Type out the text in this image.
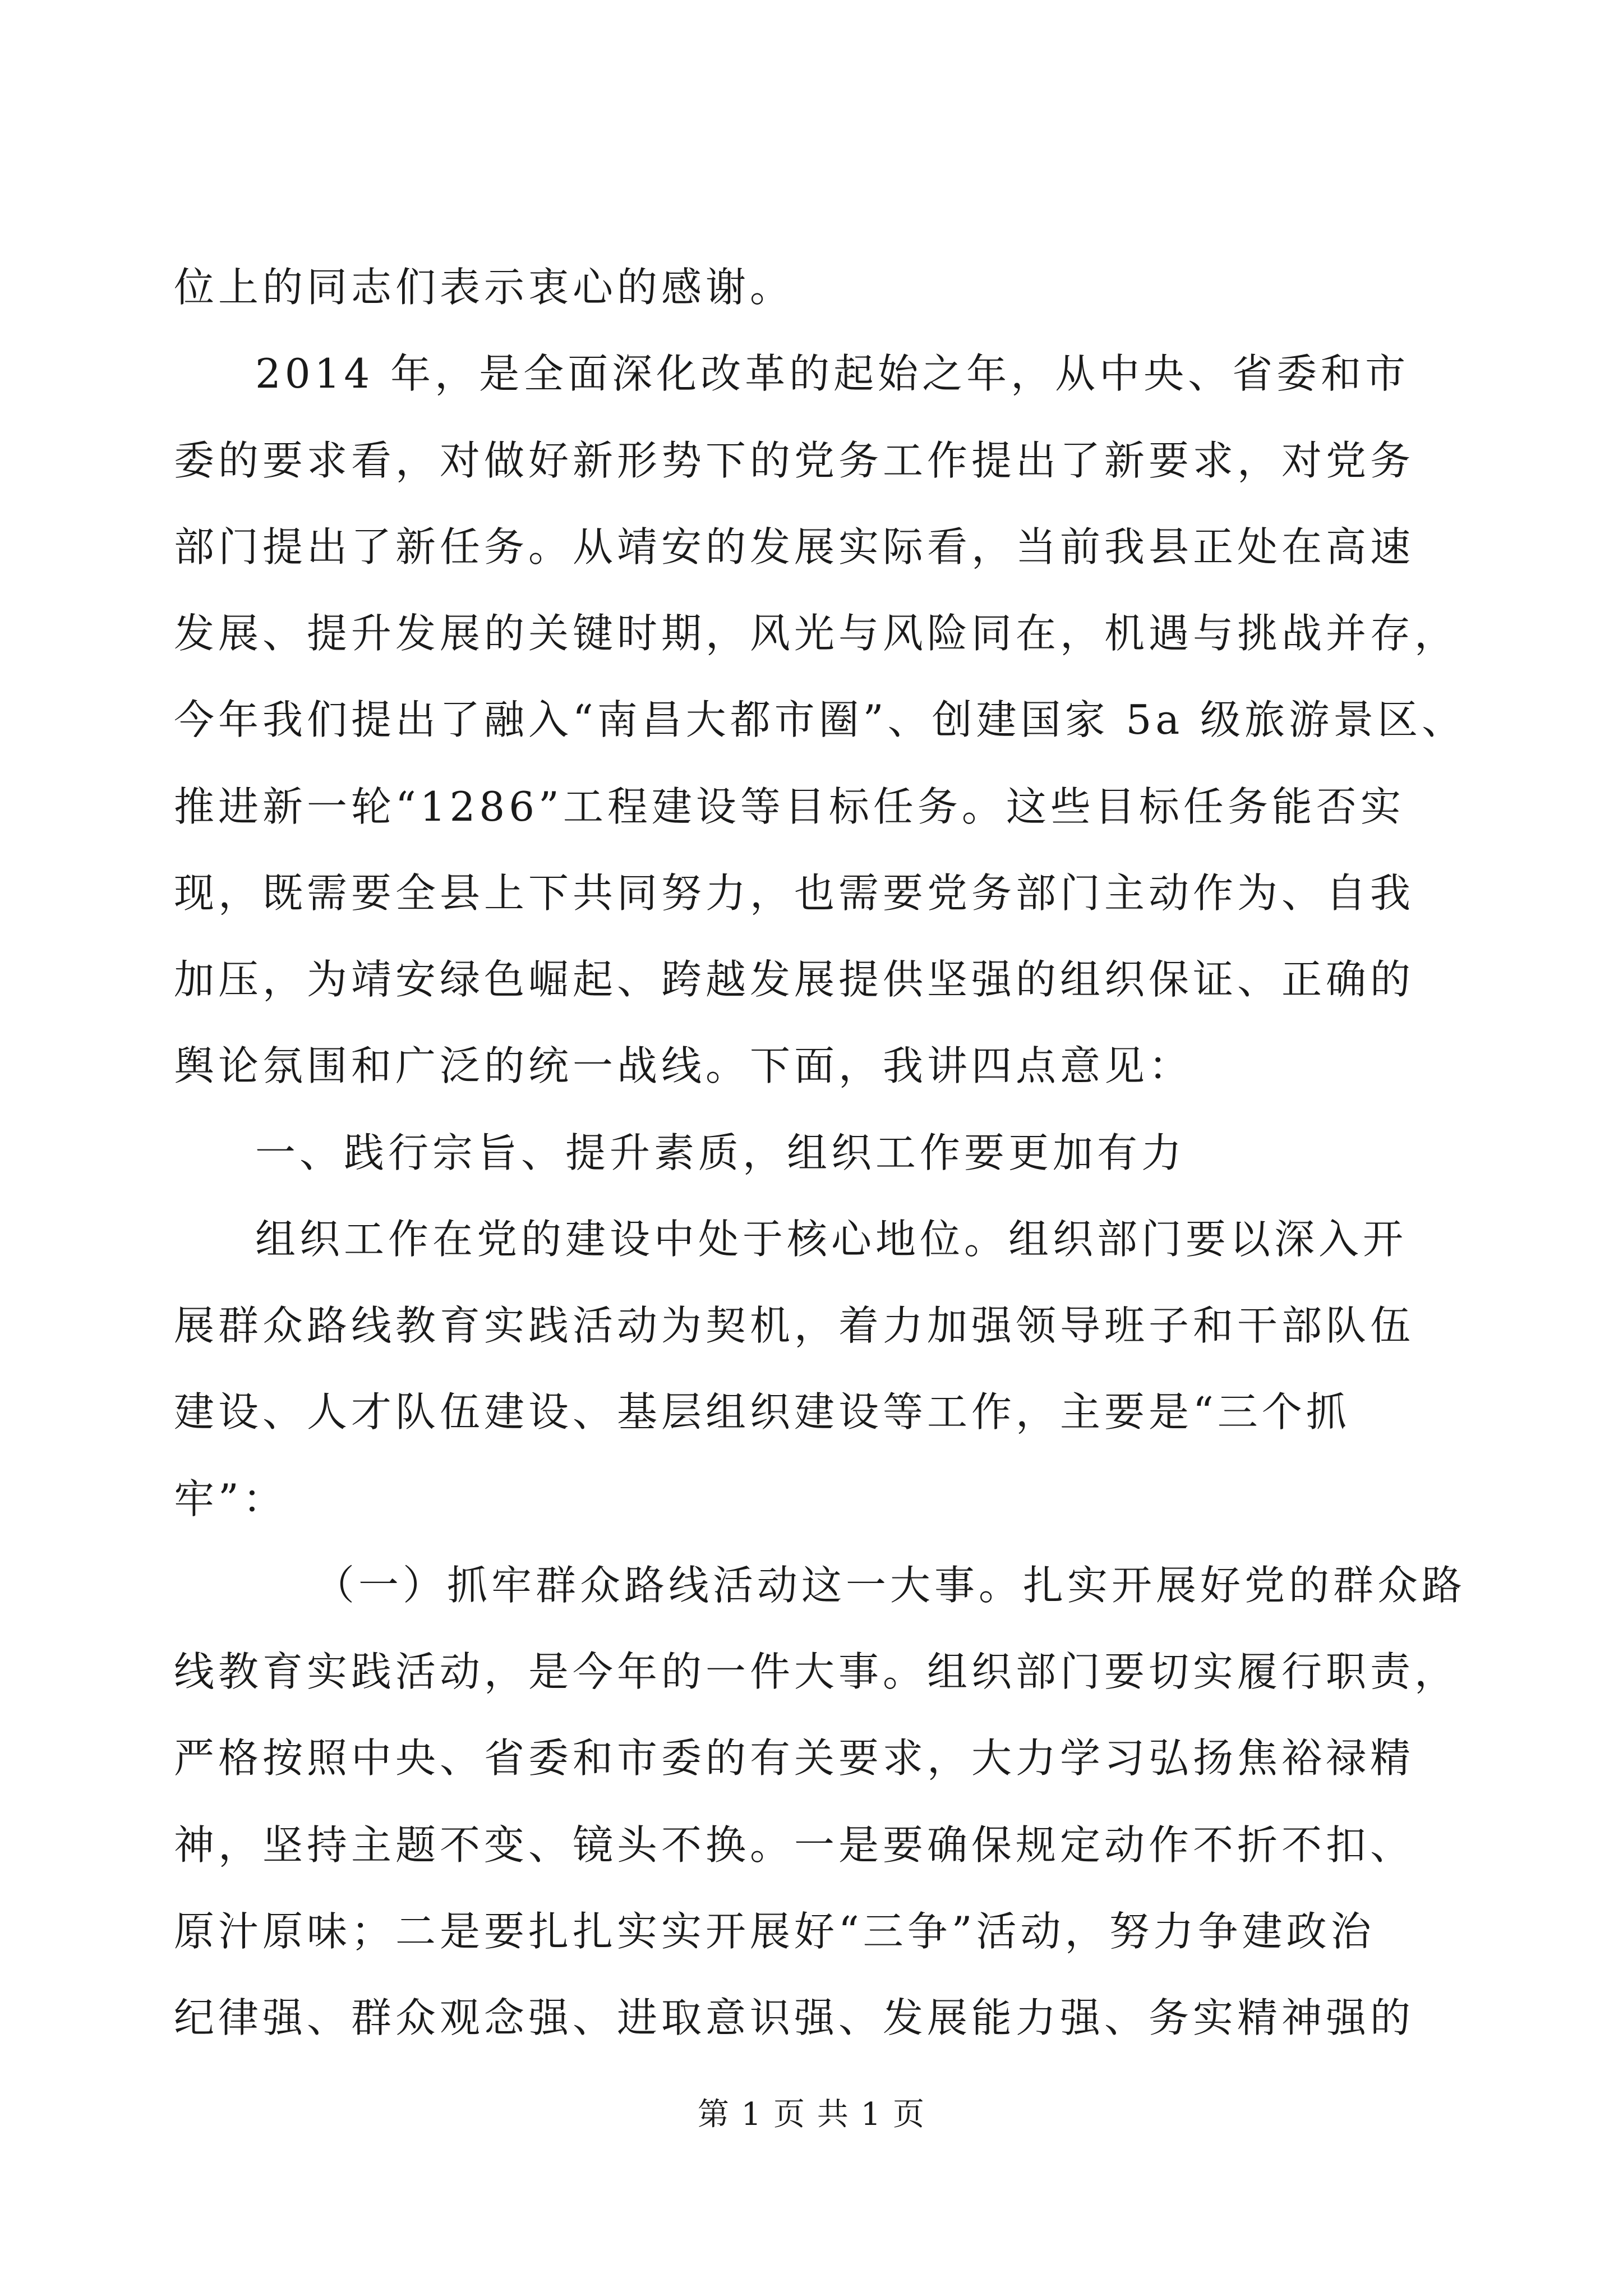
位上的同志们表示衷心的感谢。
2014 年，是全面深化改革的起始之年，从中央、省委和市
委的要求看，对做好新形势下的党务工作提出了新要求，对党务
部门提出了新任务。从靖安的发展实际看，当前我县正处在高速
发展、提升发展的关键时期，风光与风险同在，机遇与挑战并存，
今年我们提出了融入“南昌大都市圈”、创建国家 5a 级旅游景区、
推进新一轮“1286”工程建设等目标任务。这些目标任务能否实
现，既需要全县上下共同努力，也需要党务部门主动作为、自我
加压，为靖安绿色崛起、跨越发展提供坚强的组织保证、正确的
舆论氛围和广泛的统一战线。下面，我讲四点意见：
一、践行宗旨、提升素质，组织工作要更加有力
组织工作在党的建设中处于核心地位。组织部门要以深入开
展群众路线教育实践活动为契机，着力加强领导班子和干部队伍
建设、人才队伍建设、基层组织建设等工作，主要是“三个抓
牢”：
（一）抓牢群众路线活动这一大事。扎实开展好党的群众路
线教育实践活动，是今年的一件大事。组织部门要切实履行职责，
严格按照中央、省委和市委的有关要求，大力学习弘扬焦裕禄精
神，坚持主题不变、镜头不换。一是要确保规定动作不折不扣、
原汁原味；二是要扎扎实实开展好“三争”活动，努力争建政治
纪律强、群众观念强、进取意识强、发展能力强、务实精神强的
第 1 页 共 1 页
